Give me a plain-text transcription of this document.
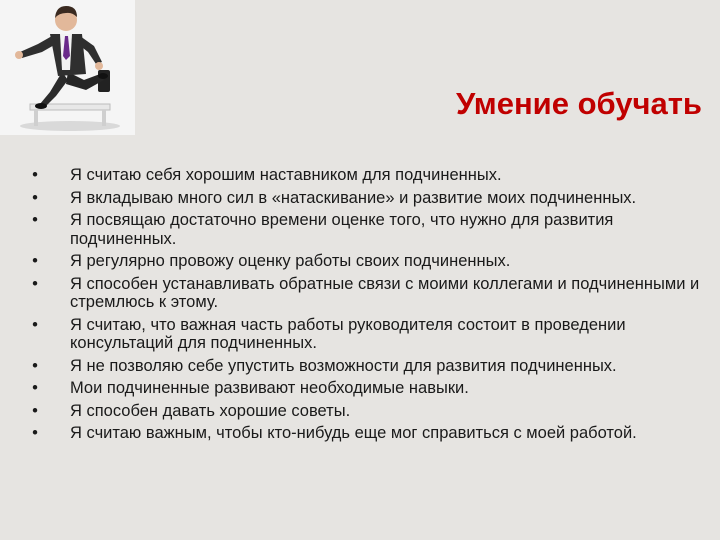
Умение обучать
• Я считаю себя хорошим наставником для подчиненных.
• Я вкладываю много сил в «натаскивание» и развитие моих подчиненных.
• Я посвящаю достаточно времени оценке того, что нужно для развития подчиненных.
• Я регулярно провожу оценку работы своих подчиненных.
• Я способен устанавливать обратные связи с моими коллегами и подчиненными и стремлюсь к этому.
• Я считаю, что важная часть работы руководителя состоит в проведении консультаций для подчиненных.
• Я не позволяю себе упустить возможности для развития подчиненных.
• Мои подчиненные развивают необходимые навыки.
• Я способен давать хорошие советы.
• Я считаю важным, чтобы кто-нибудь еще мог справиться с моей работой.
